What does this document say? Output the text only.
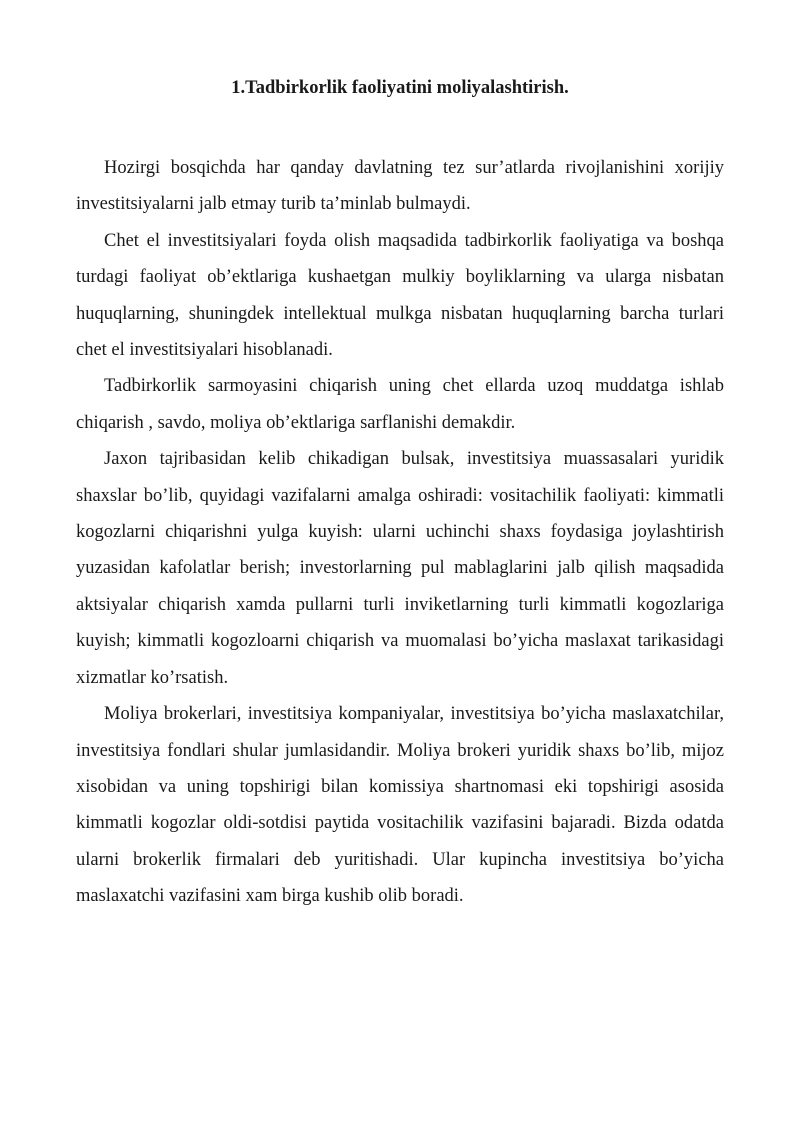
1.Tadbirkorlik faoliyatini moliyalashtirish.

Hozirgi bosqichda har qanday davlatning tez sur’atlarda rivojlanishini xorijiy investitsiyalarni jalb etmay turib ta’minlab bulmaydi.

Chet el investitsiyalari foyda olish maqsadida tadbirkorlik faoliyatiga va boshqa turdagi faoliyat ob’ektlariga kushaetgan mulkiy boyliklarning va ularga nisbatan huquqlarning, shuningdek intellektual mulkga nisbatan huquqlarning barcha turlari chet el investitsiyalari hisoblanadi.

Tadbirkorlik sarmoyasini chiqarish uning chet ellarda uzoq muddatga ishlab chiqarish , savdo, moliya ob’ektlariga sarflanishi demakdir.

Jaxon tajribasidan kelib chikadigan bulsak, investitsiya muassasalari yuridik shaxslar bo’lib, quyidagi vazifalarni amalga oshiradi: vositachilik faoliyati: kimmatli kogozlarni chiqarishni yulga kuyish: ularni uchinchi shaxs foydasiga joylashtirish yuzasidan kafolatlar berish; investorlarning pul mablaglarini jalb qilish maqsadida aktsiyalar chiqarish xamda pullarni turli inviketlarning turli kimmatli kogozlariga kuyish; kimmatli kogozloarni chiqarish va muomalasi bo’yicha maslaxat tarikasidagi xizmatlar ko’rsatish.

Moliya brokerlari, investitsiya kompaniyalar, investitsiya bo’yicha maslaxatchilar, investitsiya fondlari shular jumlasidandir. Moliya brokeri yuridik shaxs bo’lib, mijoz xisobidan va uning topshirigi bilan komissiya shartnomasi eki topshirigi asosida kimmatli kogozlar oldi-sotdisi paytida vositachilik vazifasini bajaradi. Bizda odatda ularni brokerlik firmalari deb yuritishadi. Ular kupincha investitsiya bo’yicha maslaxatchi vazifasini xam birga kushib olib boradi.
